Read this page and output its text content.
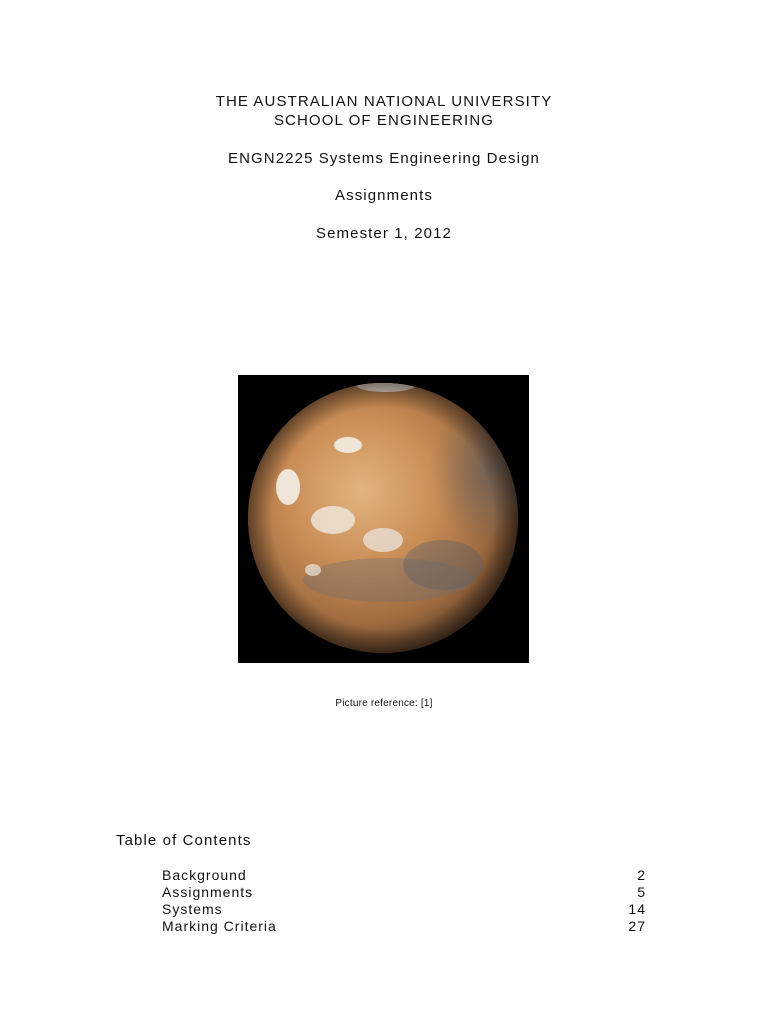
THE AUSTRALIAN NATIONAL UNIVERSITY
SCHOOL OF ENGINEERING
ENGN2225 Systems Engineering Design
Assignments
Semester 1, 2012
Picture reference: [1]
Table of Contents
Background	2
Assignments	5
Systems	14
Marking Criteria	27
